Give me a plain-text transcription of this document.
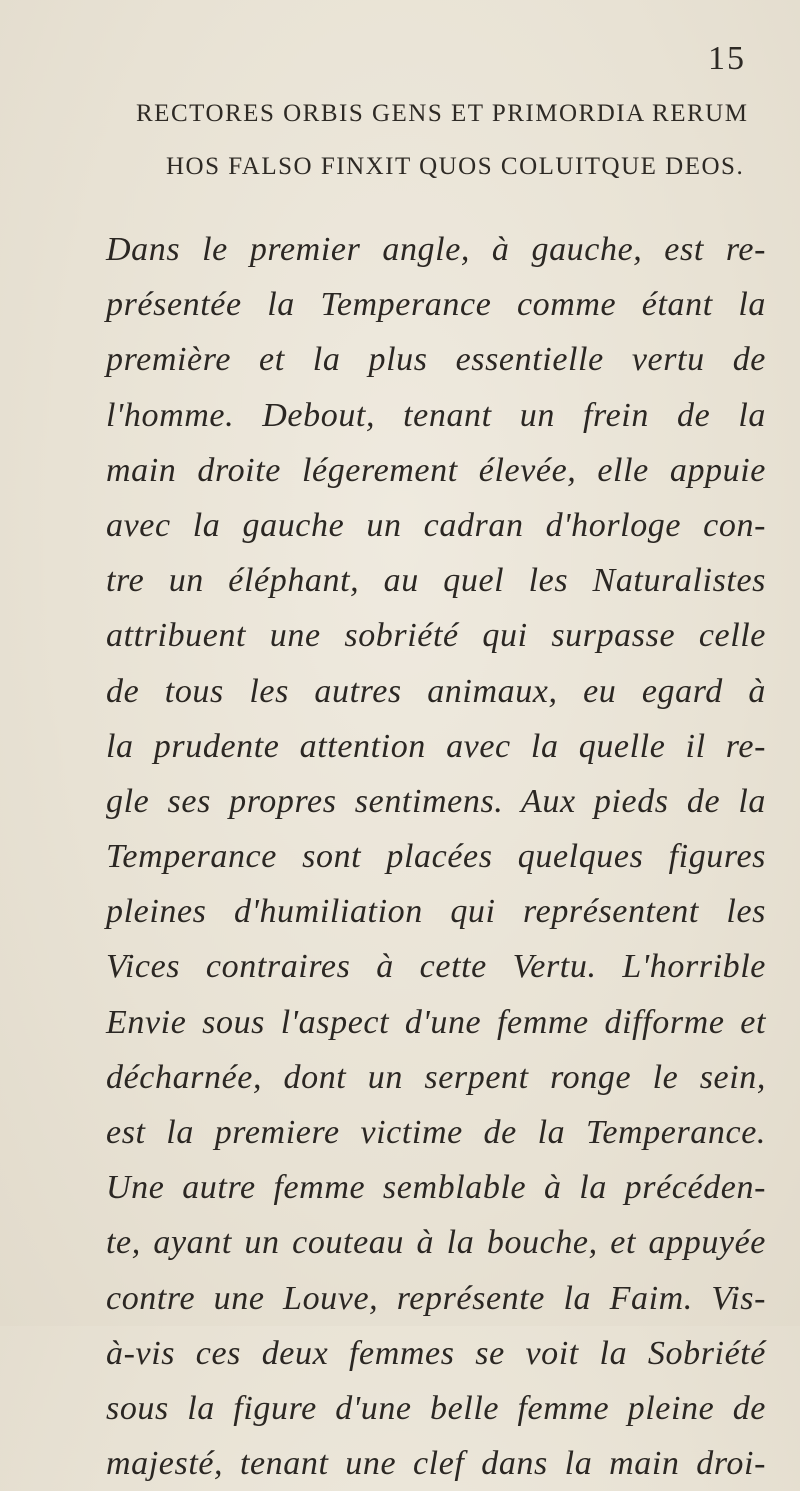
15
RECTORES ORBIS GENS ET PRIMORDIA RERUM
HOS FALSO FINXIT QUOS COLUITQUE DEOS.
Dans le premier angle, à gauche, est re-
présentée la Temperance comme étant la
première et la plus essentielle vertu de
l'homme. Debout, tenant un frein de la
main droite légerement élevée, elle appuie
avec la gauche un cadran d'horloge con-
tre un éléphant, au quel les Naturalistes
attribuent une sobriété qui surpasse celle
de tous les autres animaux, eu egard à
la prudente attention avec la quelle il re-
gle ses propres sentimens. Aux pieds de la
Temperance sont placées quelques figures
pleines d'humiliation qui représentent les
Vices contraires à cette Vertu. L'horrible
Envie sous l'aspect d'une femme difforme et
décharnée, dont un serpent ronge le sein,
est la premiere victime de la Temperance.
Une autre femme semblable à la précéden-
te, ayant un couteau à la bouche, et appuyée
contre une Louve, représente la Faim. Vis-
à-vis ces deux femmes se voit la Sobriété
sous la figure d'une belle femme pleine de
majesté, tenant une clef dans la main droi-
